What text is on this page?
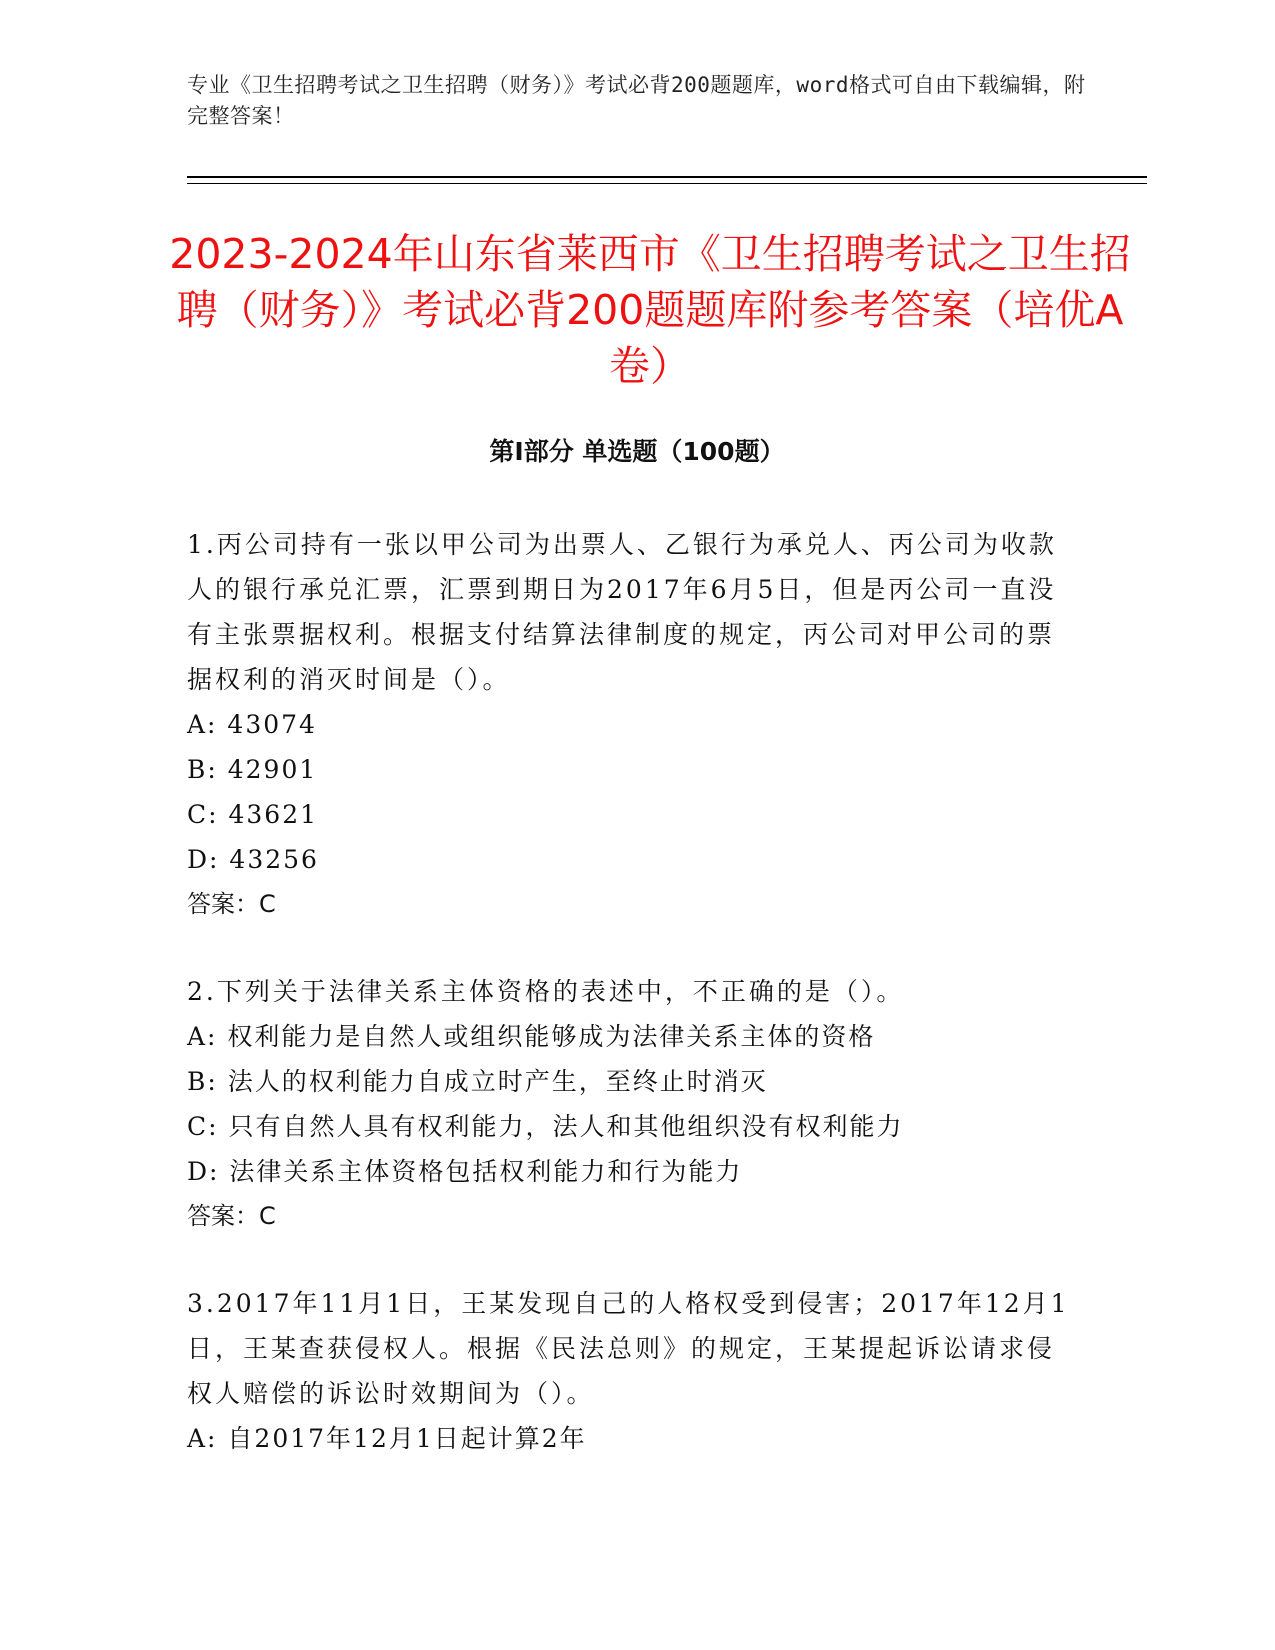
专业《卫生招聘考试之卫生招聘（财务）》考试必背200题题库，word格式可自由下载编辑，附完整答案！
2023-2024年山东省莱西市《卫生招聘考试之卫生招聘（财务）》考试必背200题题库附参考答案（培优A卷）
第Ⅰ部分 单选题（100题）
1.丙公司持有一张以甲公司为出票人、乙银行为承兑人、丙公司为收款人的银行承兑汇票，汇票到期日为2017年6月5日，但是丙公司一直没有主张票据权利。根据支付结算法律制度的规定，丙公司对甲公司的票据权利的消灭时间是（）。
A: 43074
B: 42901
C: 43621
D: 43256
答案：C
2.下列关于法律关系主体资格的表述中，不正确的是（）。
A: 权利能力是自然人或组织能够成为法律关系主体的资格
B: 法人的权利能力自成立时产生，至终止时消灭
C: 只有自然人具有权利能力，法人和其他组织没有权利能力
D: 法律关系主体资格包括权利能力和行为能力
答案：C
3.2017年11月1日，王某发现自己的人格权受到侵害；2017年12月1日，王某查获侵权人。根据《民法总则》的规定，王某提起诉讼请求侵权人赔偿的诉讼时效期间为（）。
A: 自2017年12月1日起计算2年
